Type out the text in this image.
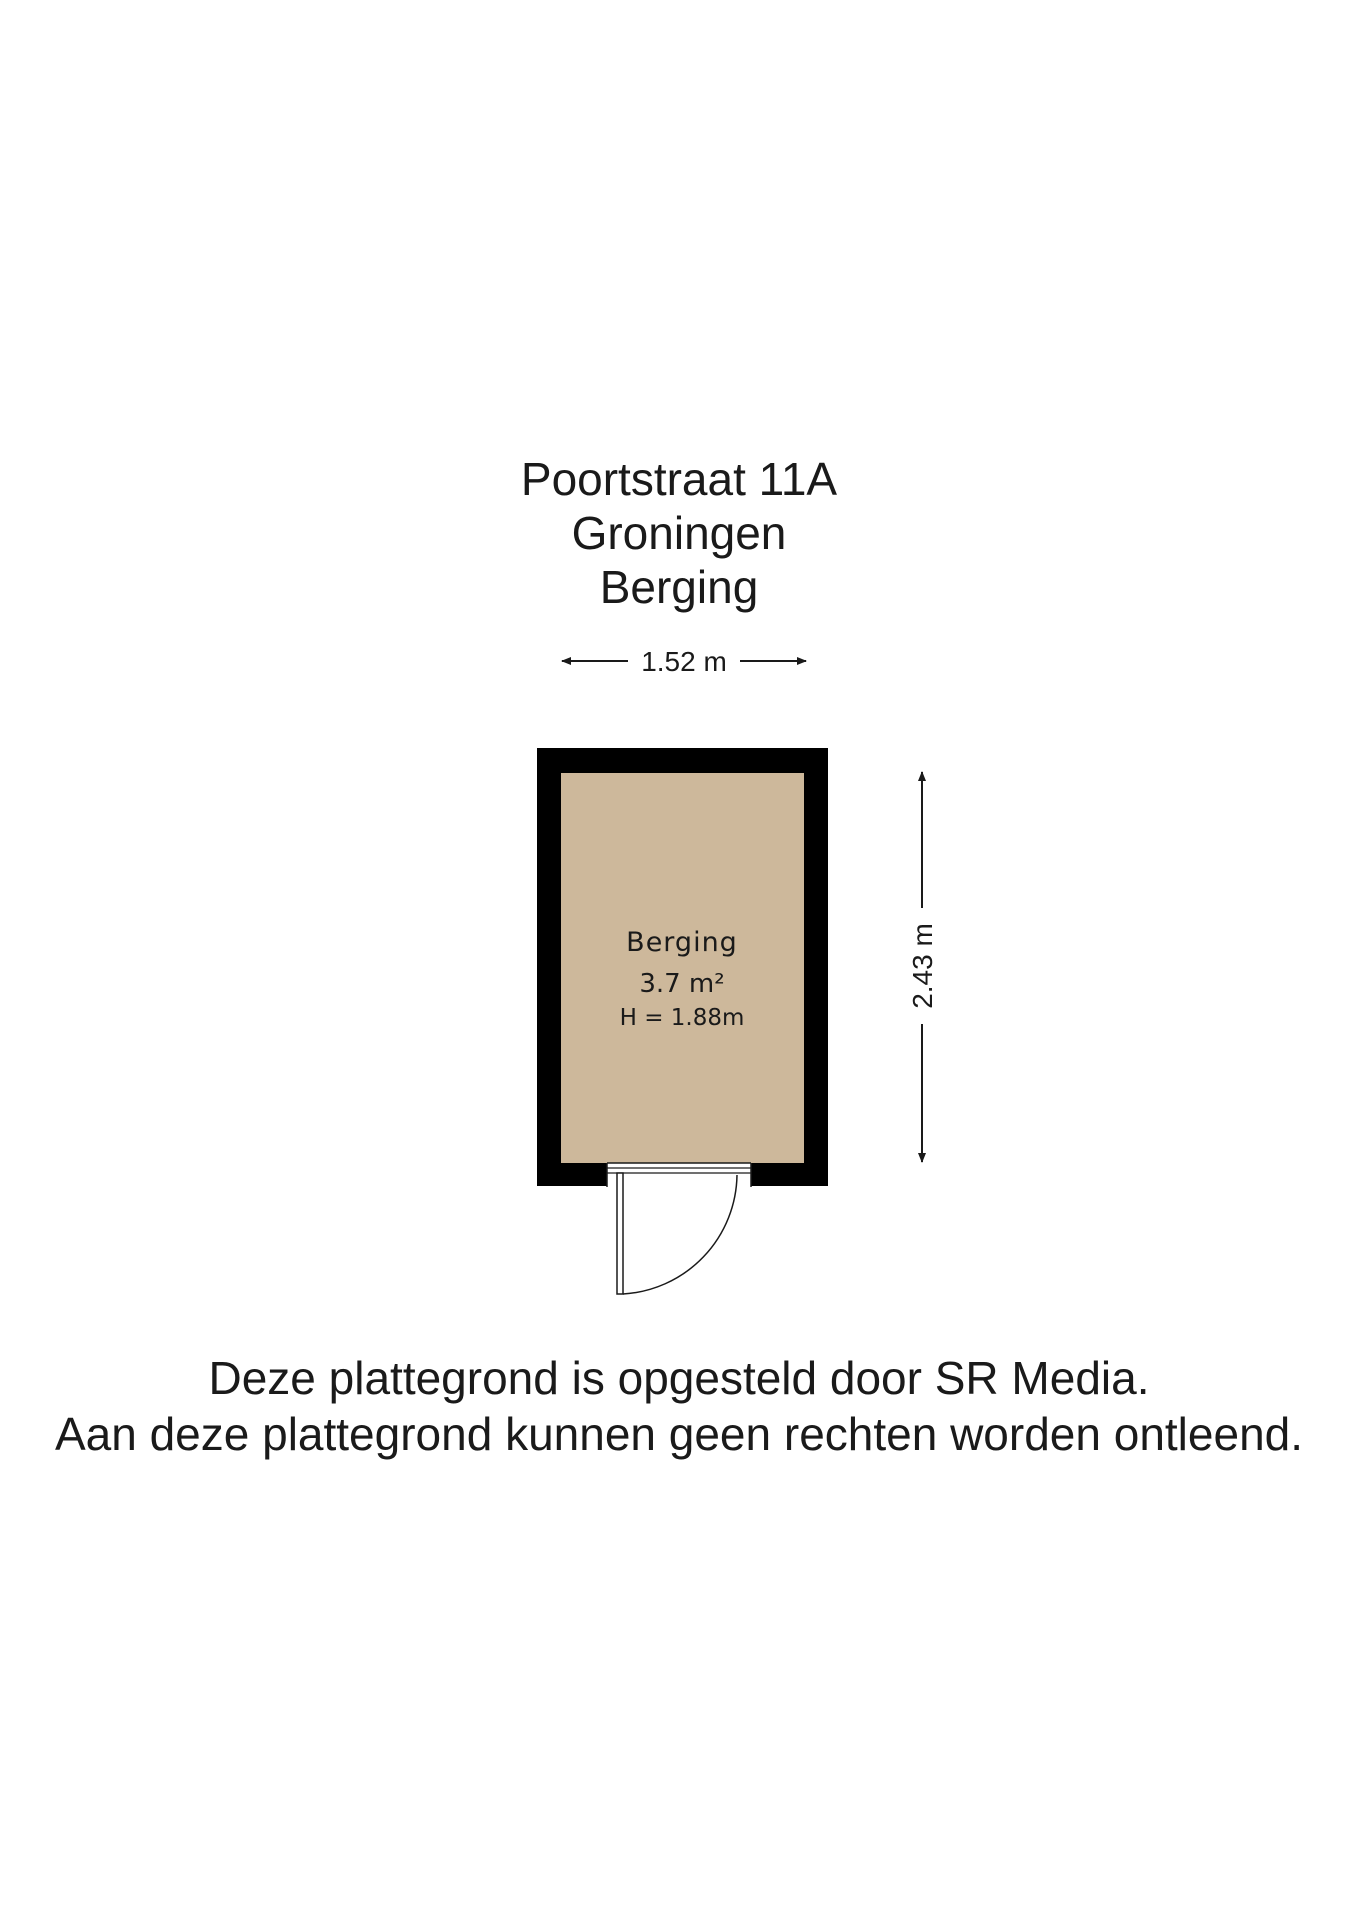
Poortstraat 11A
Groningen
Berging
1.52 m
2.43 m
Berging
3.7 m²
H = 1.88m
Deze plattegrond is opgesteld door SR Media.
Aan deze plattegrond kunnen geen rechten worden ontleend.
